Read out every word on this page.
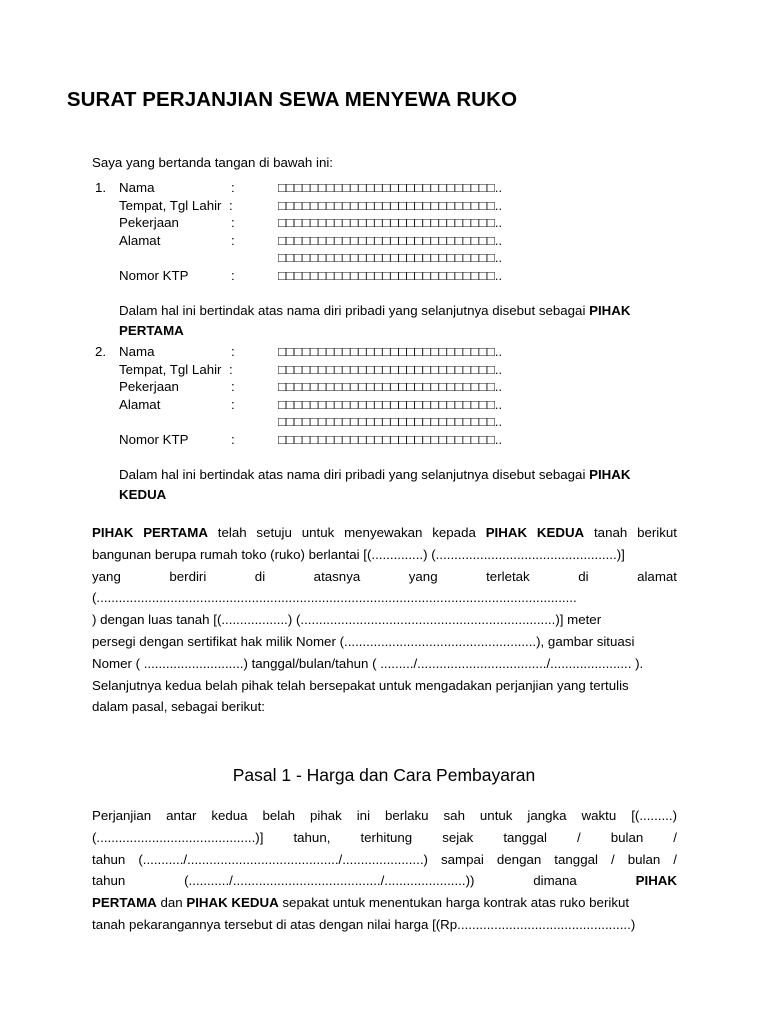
SURAT PERJANJIAN SEWA MENYEWA RUKO
Saya yang bertanda tangan di bawah ini:
1. Nama	:	□□□□□□□□□□□□□□□□□□□□□□□□□□□..
Tempat, Tgl Lahir :	□□□□□□□□□□□□□□□□□□□□□□□□□□□..
Pekerjaan	:	□□□□□□□□□□□□□□□□□□□□□□□□□□□..
Alamat	:	□□□□□□□□□□□□□□□□□□□□□□□□□□□..
□□□□□□□□□□□□□□□□□□□□□□□□□□□..
Nomor KTP	:	□□□□□□□□□□□□□□□□□□□□□□□□□□□..
Dalam hal ini bertindak atas nama diri pribadi yang selanjutnya disebut sebagai PIHAK
PERTAMA
2. Nama	:	□□□□□□□□□□□□□□□□□□□□□□□□□□□..
Tempat, Tgl Lahir :	□□□□□□□□□□□□□□□□□□□□□□□□□□□..
Pekerjaan	:	□□□□□□□□□□□□□□□□□□□□□□□□□□□..
Alamat	:	□□□□□□□□□□□□□□□□□□□□□□□□□□□..
□□□□□□□□□□□□□□□□□□□□□□□□□□□..
Nomor KTP	:	□□□□□□□□□□□□□□□□□□□□□□□□□□□..
Dalam hal ini bertindak atas nama diri pribadi yang selanjutnya disebut sebagai PIHAK
KEDUA
PIHAK PERTAMA telah setuju untuk menyewakan kepada PIHAK KEDUA tanah berikut
bangunan berupa rumah toko (ruko) berlantai [(..............) (.................................................)]
yang berdiri di atasnya yang terletak di alamat
(..................................................................................................................................
) dengan luas tanah [(..................) (.....................................................................)] meter
persegi dengan sertifikat hak milik Nomer (....................................................), gambar situasi
Nomer ( ...........................) tanggal/bulan/tahun ( ........./.................................../...................... ).
Selanjutnya kedua belah pihak telah bersepakat untuk mengadakan perjanjian yang tertulis
dalam pasal, sebagai berikut:
Pasal 1 - Harga dan Cara Pembayaran
Perjanjian antar kedua belah pihak ini berlaku sah untuk jangka waktu [(.........)
(...........................................)] tahun, terhitung sejak tanggal / bulan /
tahun (.........../........................................./......................) sampai dengan tanggal / bulan /
tahun (.........../......................................../......................)) dimana PIHAK
PERTAMA dan PIHAK KEDUA sepakat untuk menentukan harga kontrak atas ruko berikut
tanah pekarangannya tersebut di atas dengan nilai harga [(Rp...............................................)
